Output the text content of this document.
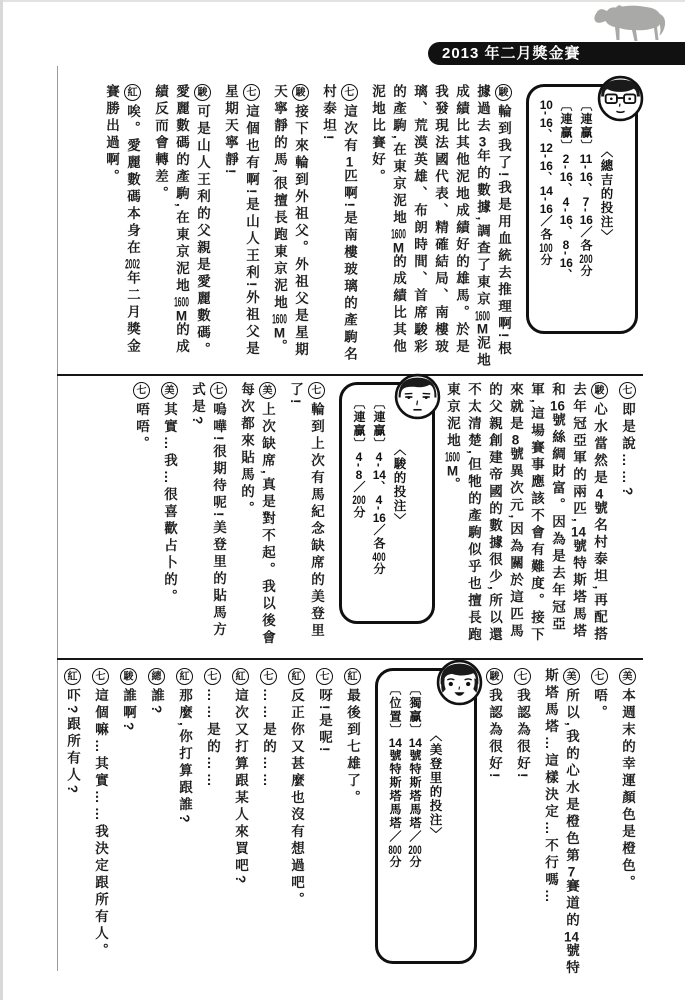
2013 年二月獎金賽

〈總吉的投注〉

〔連贏〕11-16、7-16／各200分

〔連贏〕2-16、4-16、8-16、10-16、12-16、14-16／各100分

駿輪到我了!我是用血統去推理啊!根據過去3年的數據,調查了東京1600M泥地成績比其他泥地成績好的雄馬。於是我發現法國代表、精確結局、南樓玻璃、荒漠英雄、布朗時間、首席駿彩的產駒,在東京泥地1600M的成績比其他泥地比賽好。
七這次有1匹啊!是南樓玻璃的產駒名村泰坦!
駿接下來輪到外祖父。外祖父是星期天寧靜的馬,很擅長跑東京泥地1600M。
七這個也有啊!是山人王利!外祖父是星期天寧靜!
駿可是山人王利的父親是愛麗數碼。愛麗數碼的產駒,在東京泥地1600M的成績反而會轉差。
紅唉。愛麗數碼本身在2002年二月獎金賽勝出過啊。
七即是說……?
駿心水當然是4號名村泰坦,再配搭去年冠亞軍的兩匹,14號特斯塔馬塔和16號絲綢財富。因為是去年冠亞軍,這場賽事應該不會有難度。接下來就是8號異次元,因為關於這匹馬的父親創建帝國的數據很少,所以還不太清楚,但牠的產駒似乎也擅長跑東京泥地1600M。

〈駿的投注〉

〔連贏〕4-14、4-16／各400分

〔連贏〕4-8／200分

七輪到上次有馬紀念缺席的美登里了!
美上次缺席,真是對不起。我以後會每次都來貼馬的。
七嗚嘩!很期待呢!美登里的貼馬方式是?
美其實…我…很喜歡占卜的。
七唔唔。
美本週末的幸運顏色是橙色。
七唔。
美所以,我的心水是橙色第7賽道的14號特斯塔馬塔…這樣決定…不行嗎…
七我認為很好!
駿我認為很好!

〈美登里的投注〉

〔獨贏〕14號特斯塔馬塔／200分

〔位置〕14號特斯塔馬塔／800分

紅最後到七雄了。
七呀!是呢!
紅反正你又甚麼也沒有想過吧。
七……是的……
紅這次又打算跟某人來買吧?
七……是的……
紅那麼,你打算跟誰?
總誰?
駿誰啊?
七這個嘛…其實……我決定跟所有人。
紅吓?跟所有人?
